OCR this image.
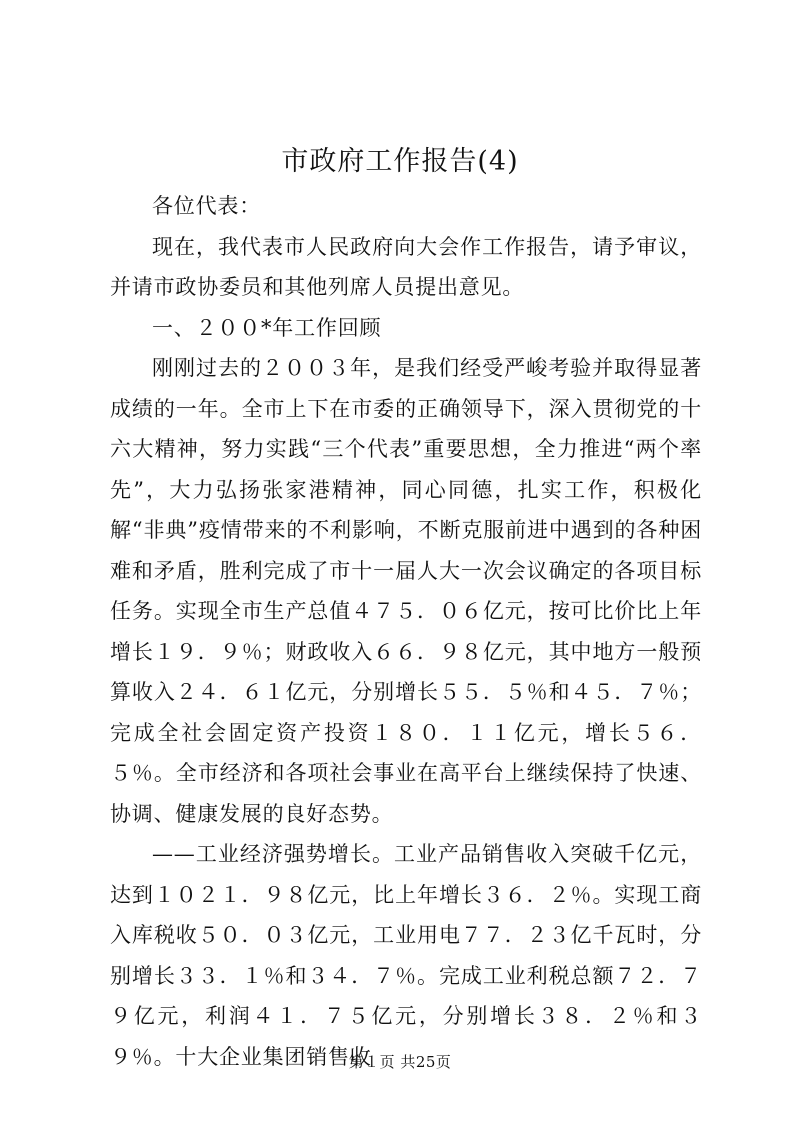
市政府工作报告(4)

各位代表：

现在，我代表市人民政府向大会作工作报告，请予审议，并请市政协委员和其他列席人员提出意见。

一、２００*年工作回顾

刚刚过去的２００３年，是我们经受严峻考验并取得显著成绩的一年。全市上下在市委的正确领导下，深入贯彻党的十六大精神，努力实践“三个代表”重要思想，全力推进“两个率先”，大力弘扬张家港精神，同心同德，扎实工作，积极化解“非典”疫情带来的不利影响，不断克服前进中遇到的各种困难和矛盾，胜利完成了市十一届人大一次会议确定的各项目标任务。实现全市生产总值４７５．０６亿元，按可比价比上年增长１９．９％；财政收入６６．９８亿元，其中地方一般预算收入２４．６１亿元，分别增长５５．５％和４５．７％；完成全社会固定资产投资１８０．１１亿元，增长５６．５％。全市经济和各项社会事业在高平台上继续保持了快速、协调、健康发展的良好态势。

——工业经济强势增长。工业产品销售收入突破千亿元，达到１０２１．９８亿元，比上年增长３６．２％。实现工商入库税收５０．０３亿元，工业用电７７．２３亿千瓦时，分别增长３３．１％和３４．７％。完成工业利税总额７２．７９亿元，利润４１．７５亿元，分别增长３８．２％和３９％。十大企业集团销售收

第１页 共25页
